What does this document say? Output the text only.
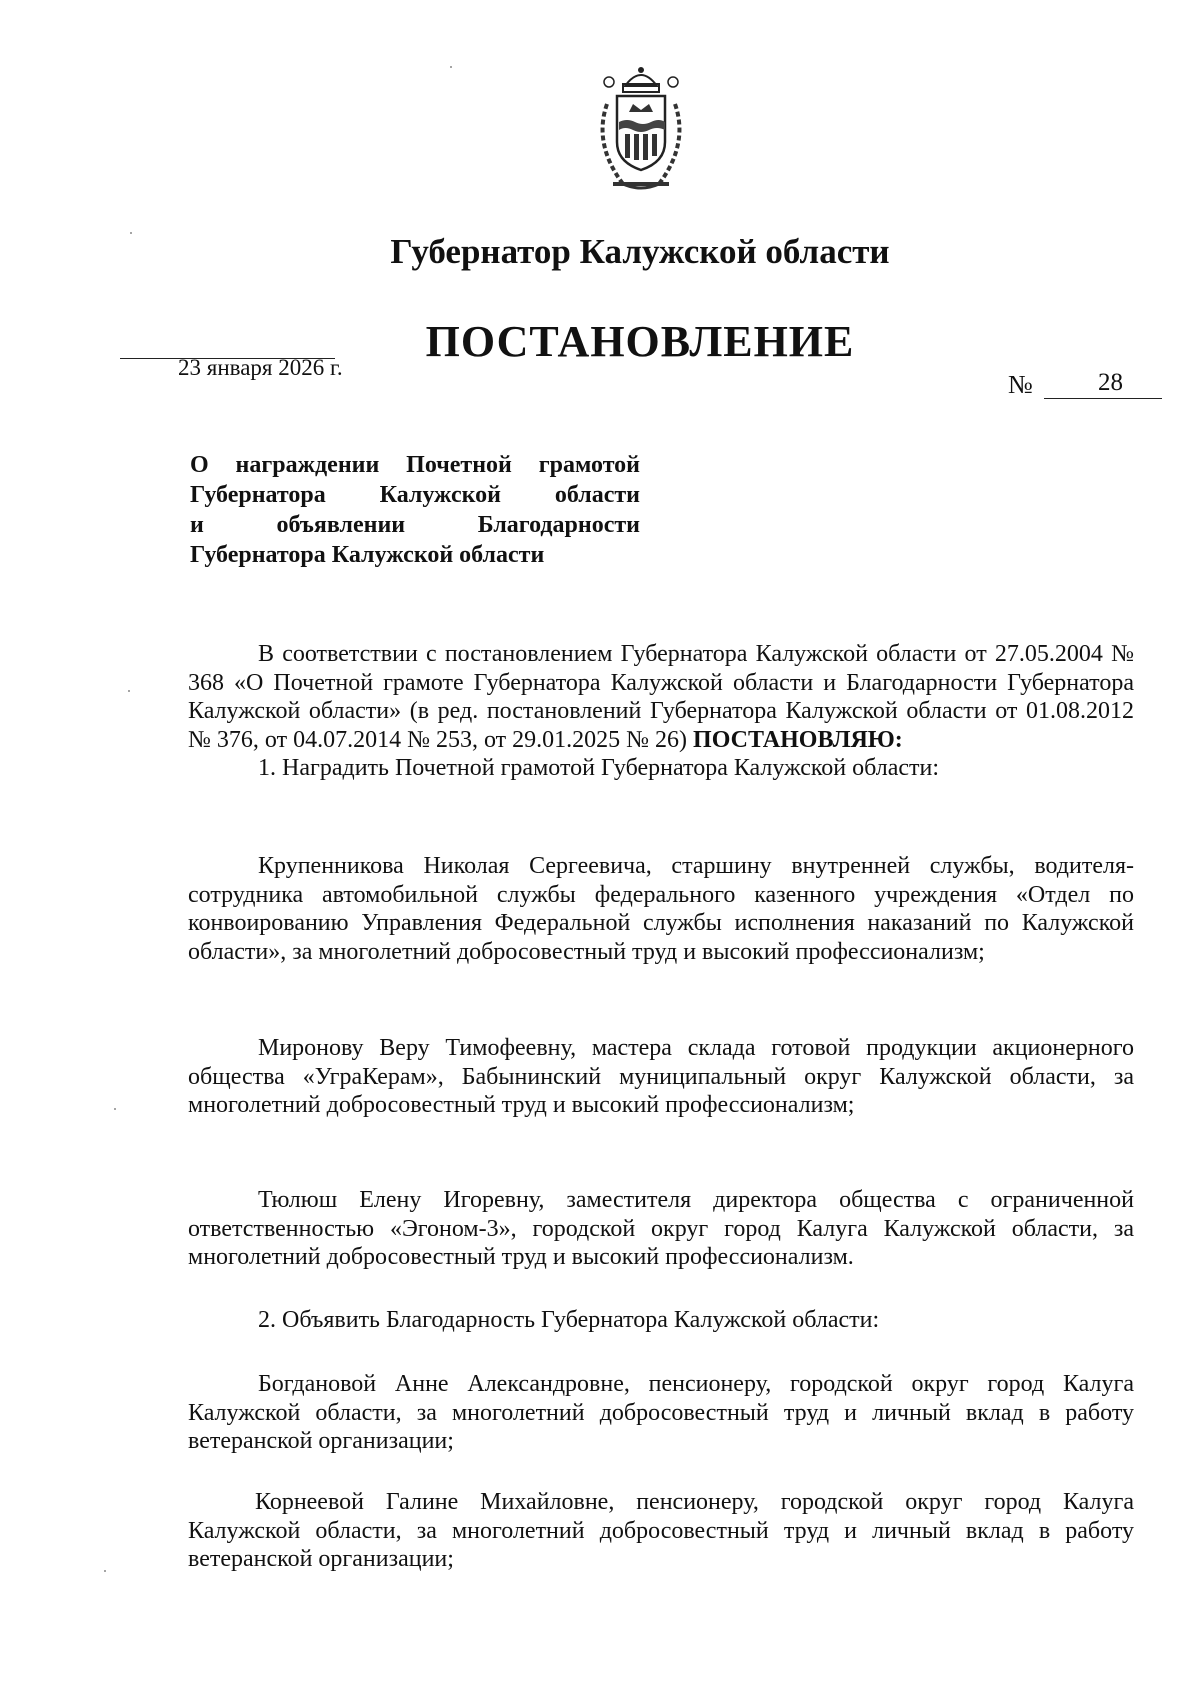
Губернатор Калужской области
ПОСТАНОВЛЕНИЕ
23 января 2026 г.
№	28
О награждении Почетной грамотой
Губернатора Калужской области
и объявлении Благодарности
Губернатора Калужской области

В соответствии с постановлением Губернатора Калужской области от 27.05.2004 № 368 «О Почетной грамоте Губернатора Калужской области и Благодарности Губернатора Калужской области» (в ред. постановлений Губернатора Калужской области от 01.08.2012 № 376, от 04.07.2014 № 253, от 29.01.2025 № 26) ПОСТАНОВЛЯЮ:

1. Наградить Почетной грамотой Губернатора Калужской области:

Крупенникова Николая Сергеевича, старшину внутренней службы, водителя-сотрудника автомобильной службы федерального казенного учреждения «Отдел по конвоированию Управления Федеральной службы исполнения наказаний по Калужской области», за многолетний добросовестный труд и высокий профессионализм;

Миронову Веру Тимофеевну, мастера склада готовой продукции акционерного общества «УграКерам», Бабынинский муниципальный округ Калужской области, за многолетний добросовестный труд и высокий профессионализм;

Тюлюш Елену Игоревну, заместителя директора общества с ограниченной ответственностью «Эгоном-3», городской округ город Калуга Калужской области, за многолетний добросовестный труд и высокий профессионализм.

2. Объявить Благодарность Губернатора Калужской области:

Богдановой Анне Александровне, пенсионеру, городской округ город Калуга Калужской области, за многолетний добросовестный труд и личный вклад в работу ветеранской организации;

Корнеевой Галине Михайловне, пенсионеру, городской округ город Калуга Калужской области, за многолетний добросовестный труд и личный вклад в работу ветеранской организации;
